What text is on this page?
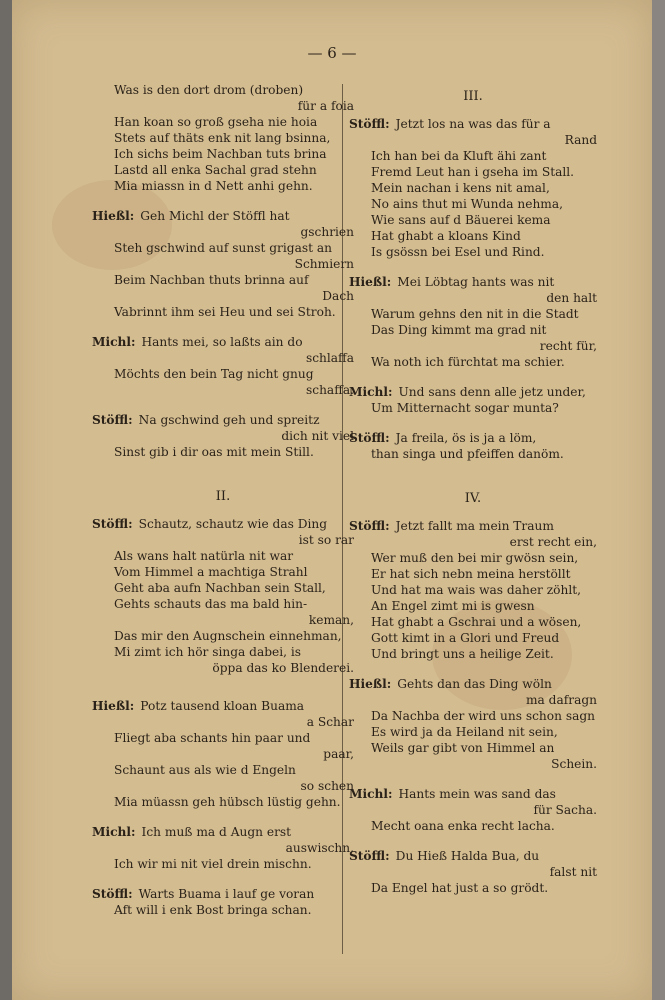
— 6 —
Was is den dort drom (droben)
für a foia
Han koan so groß gseha nie hoia
Stets auf thäts enk nit lang bsinna,
Ich sichs beim Nachban tuts brina
Lastd all enka Sachal grad stehn
Mia miassn in d Nett anhi gehn.
Hießl: Geh Michl der Stöffl hat
gschrien
Steh gschwind auf sunst grigast an
Schmiern
Beim Nachban thuts brinna auf
Dach
Vabrinnt ihm sei Heu und sei Stroh.
Michl: Hants mei, so laßts ain do
schlaffa
Möchts den bein Tag nicht gnug
schaffa.
Stöffl: Na gschwind geh und spreitz
dich nit viel
Sinst gib i dir oas mit mein Still.
II.
Stöffl: Schautz, schautz wie das Ding
ist so rar
Als wans halt natürla nit war
Vom Himmel a machtiga Strahl
Geht aba aufn Nachban sein Stall,
Gehts schauts das ma bald hin-
keman,
Das mir den Augnschein einnehman,
Mi zimt ich hör singa dabei, is
öppa das ko Blenderei.
Hießl: Potz tausend kloan Buama
a Schar
Fliegt aba schants hin paar und
paar,
Schaunt aus als wie d Engeln
so schen
Mia müassn geh hübsch lüstig gehn.
Michl: Ich muß ma d Augn erst
auswischn,
Ich wir mi nit viel drein mischn.
Stöffl: Warts Buama i lauf ge voran
Aft will i enk Bost bringa schan.
III.
Stöffl: Jetzt los na was das für a
Rand
Ich han bei da Kluft ähi zant
Fremd Leut han i gseha im Stall.
Mein nachan i kens nit amal,
No ains thut mi Wunda nehma,
Wie sans auf d Bäuerei kema
Hat ghabt a kloans Kind
Is gsössn bei Esel und Rind.
Hießl: Mei Löbtag hants was nit
den halt
Warum gehns den nit in die Stadt
Das Ding kimmt ma grad nit
recht für,
Wa noth ich fürchtat ma schier.
Michl: Und sans denn alle jetz under,
Um Mitternacht sogar munta?
Stöffl: Ja freila, ös is ja a löm,
than singa und pfeiffen danöm.
IV.
Stöffl: Jetzt fallt ma mein Traum
erst recht ein,
Wer muß den bei mir gwösn sein,
Er hat sich nebn meina herstöllt
Und hat ma wais was daher zöhlt,
An Engel zimt mi is gwesn
Hat ghabt a Gschrai und a wösen,
Gott kimt in a Glori und Freud
Und bringt uns a heilige Zeit.
Hießl: Gehts dan das Ding wöln
ma dafragn
Da Nachba der wird uns schon sagn
Es wird ja da Heiland nit sein,
Weils gar gibt von Himmel an
Schein.
Michl: Hants mein was sand das
für Sacha.
Mecht oana enka recht lacha.
Stöffl: Du Hieß Halda Bua, du
falst nit
Da Engel hat just a so grödt.
